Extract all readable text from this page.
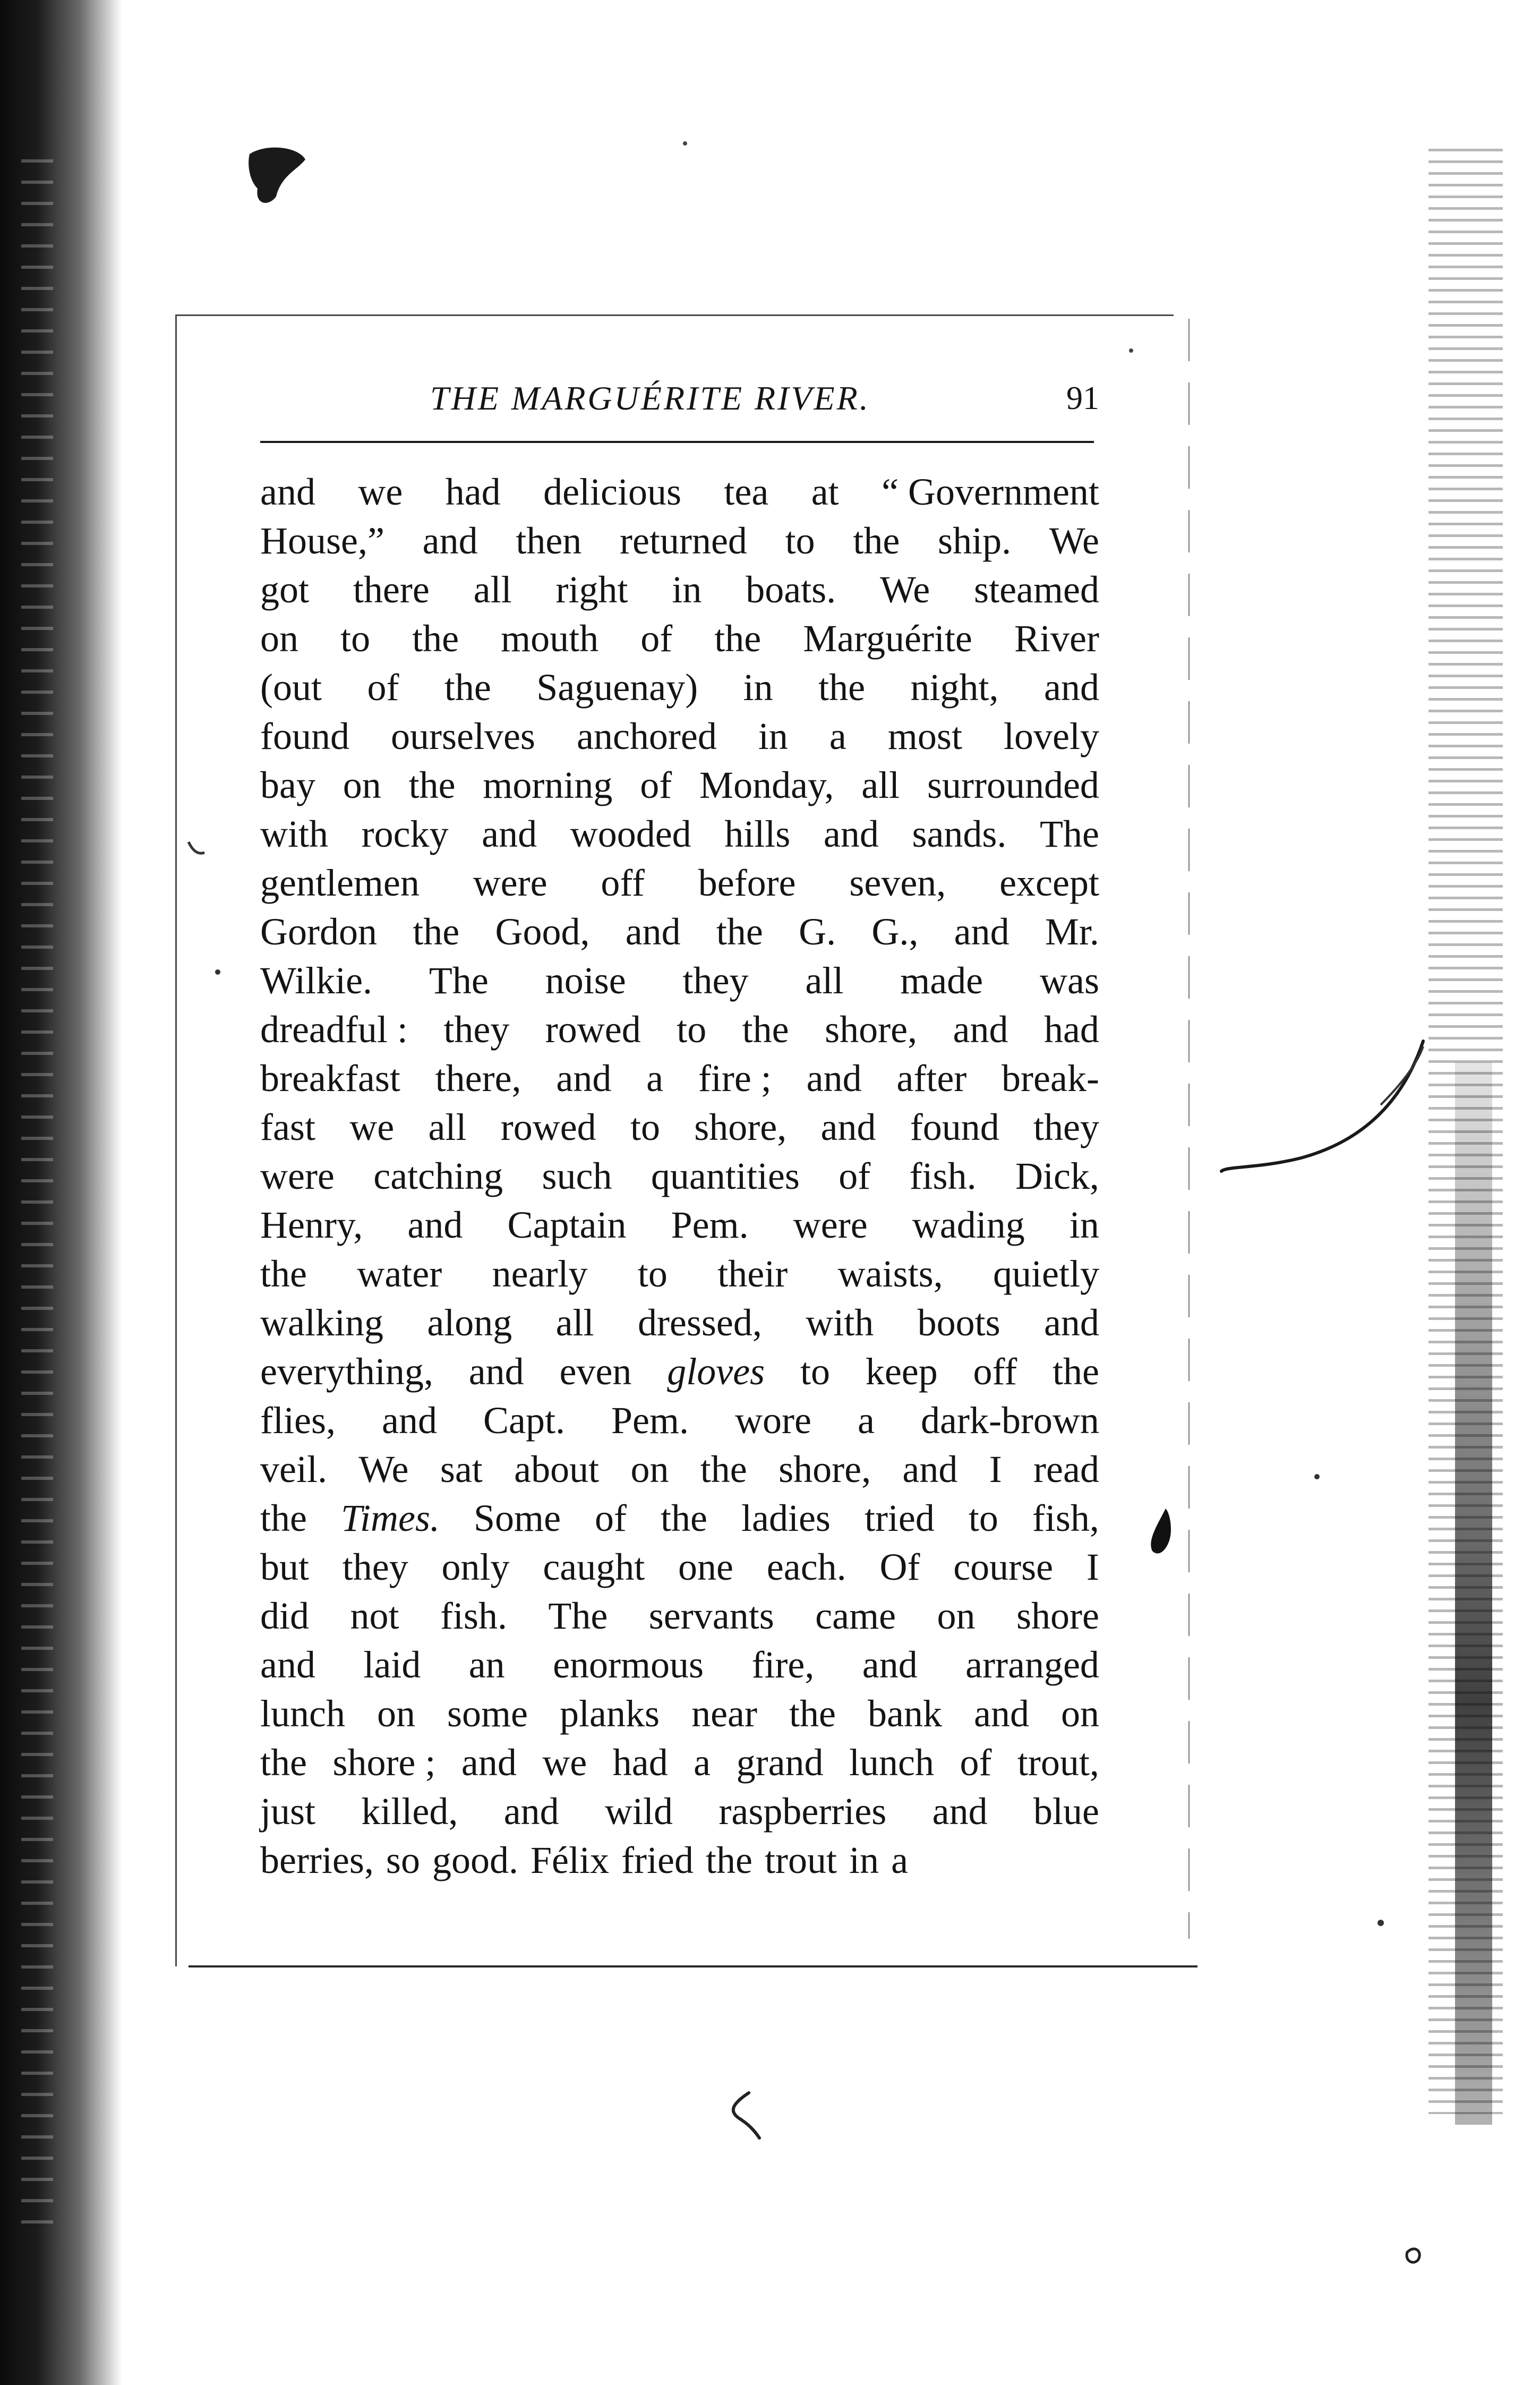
THE MARGUÉRITE RIVER.	91
and we had delicious tea at “ Government
House,” and then returned to the ship. We
got there all right in boats. We steamed
on to the mouth of the Marguérite River
(out of the Saguenay) in the night, and
found ourselves anchored in a most lovely
bay on the morning of Monday, all surrounded
with rocky and wooded hills and sands. The
gentlemen were off before seven, except
Gordon the Good, and the G. G., and Mr.
Wilkie. The noise they all made was
dreadful : they rowed to the shore, and had
breakfast there, and a fire ; and after break-
fast we all rowed to shore, and found they
were catching such quantities of fish. Dick,
Henry, and Captain Pem. were wading in
the water nearly to their waists, quietly
walking along all dressed, with boots and
everything, and even gloves to keep off the
flies, and Capt. Pem. wore a dark-brown
veil. We sat about on the shore, and I read
the Times. Some of the ladies tried to fish,
but they only caught one each. Of course I
did not fish. The servants came on shore
and laid an enormous fire, and arranged
lunch on some planks near the bank and on
the shore ; and we had a grand lunch of trout,
just killed, and wild raspberries and blue
berries, so good. Félix fried the trout in a
